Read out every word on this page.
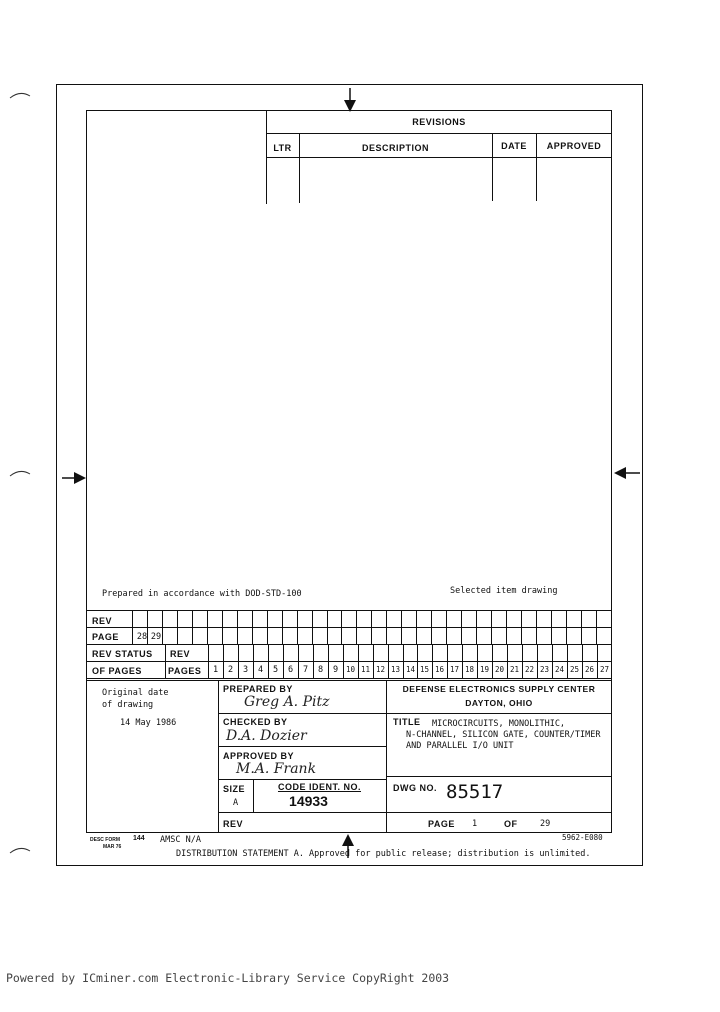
REVISIONS
LTR	DESCRIPTION	DATE	APPROVED
Prepared in accordance with DOD-STD-100	Selected item drawing
REV
PAGE	28 29
REV STATUS REV
OF PAGES	PAGES	1	2	3	4	5	6	7	8	9	10 11 12 13 14 15 16 17 18 19 20 21 22 23 24 25 26 27
Original date
of drawing
14 May 1986
PREPARED BY
Greg A. Pitz
CHECKED BY
D.A. Dozier
APPROVED BY
M.A. Frank
DEFENSE ELECTRONICS SUPPLY CENTER
DAYTON, OHIO
TITLE MICROCIRCUITS, MONOLITHIC,
N-CHANNEL, SILICON GATE, COUNTER/TIMER
AND PARALLEL I/O UNIT
SIZE
A
CODE IDENT. NO.
14933
DWG NO. 85517
REV	PAGE 1	OF	29
DESC FORM 144
MAR 76
AMSC N/A	5962-E080
DISTRIBUTION STATEMENT A. Approved for public release; distribution is unlimited.
Powered by ICminer.com Electronic-Library Service CopyRight 2003
